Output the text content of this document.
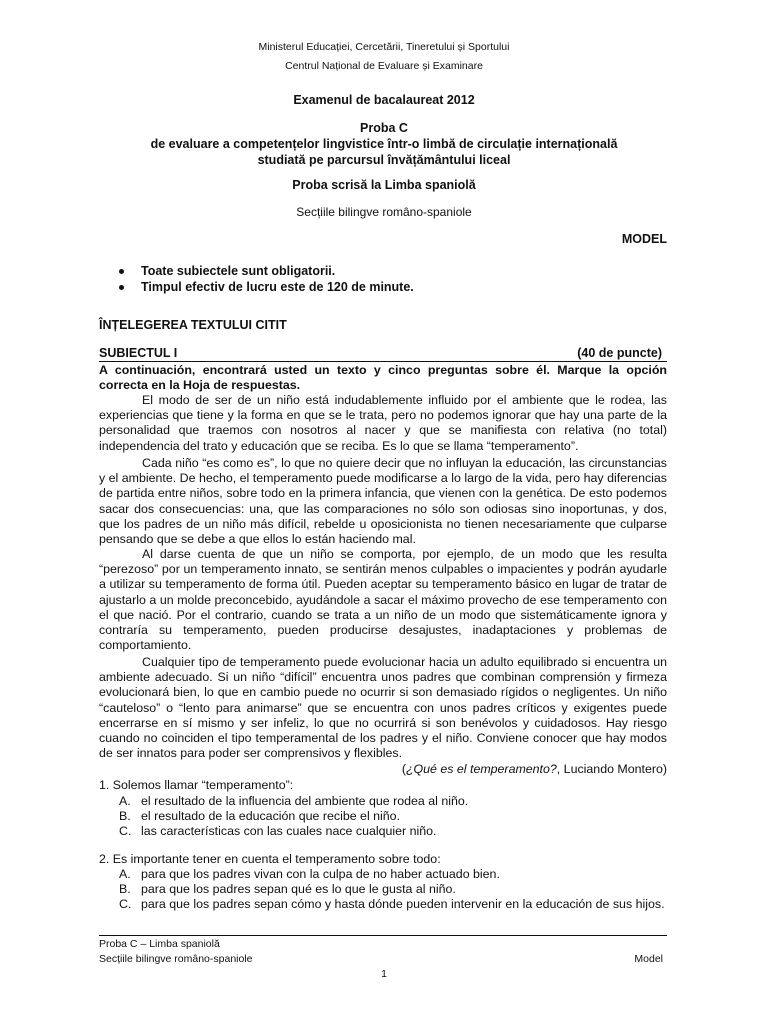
Ministerul Educației, Cercetării, Tineretului și Sportului
Centrul Național de Evaluare și Examinare
Examenul de bacalaureat 2012
Proba C
de evaluare a competențelor lingvistice într-o limbă de circulație internațională
studiată pe parcursul învățământului liceal
Proba scrisă la Limba spaniolă
Secțiile bilingve româno-spaniole
MODEL
Toate subiectele sunt obligatorii.
Timpul efectiv de lucru este de 120 de minute.
ÎNȚELEGEREA TEXTULUI CITIT
SUBIECTUL I	(40 de puncte)
A continuación, encontrará usted un texto y cinco preguntas sobre él. Marque la opción correcta en la Hoja de respuestas.

El modo de ser de un niño está indudablemente influido por el ambiente que le rodea, las experiencias que tiene y la forma en que se le trata, pero no podemos ignorar que hay una parte de la personalidad que traemos con nosotros al nacer y que se manifiesta con relativa (no total) independencia del trato y educación que se reciba. Es lo que se llama “temperamento”.

Cada niño “es como es”, lo que no quiere decir que no influyan la educación, las circunstancias y el ambiente. De hecho, el temperamento puede modificarse a lo largo de la vida, pero hay diferencias de partida entre niños, sobre todo en la primera infancia, que vienen con la genética. De esto podemos sacar dos consecuencias: una, que las comparaciones no sólo son odiosas sino inoportunas, y dos, que los padres de un niño más difícil, rebelde u oposicionista no tienen necesariamente que culparse pensando que se debe a que ellos lo están haciendo mal.

Al darse cuenta de que un niño se comporta, por ejemplo, de un modo que les resulta “perezoso” por un temperamento innato, se sentirán menos culpables o impacientes y podrán ayudarle a utilizar su temperamento de forma útil. Pueden aceptar su temperamento básico en lugar de tratar de ajustarlo a un molde preconcebido, ayudándole a sacar el máximo provecho de ese temperamento con el que nació. Por el contrario, cuando se trata a un niño de un modo que sistemáticamente ignora y contraría su temperamento, pueden producirse desajustes, inadaptaciones y problemas de comportamiento.

Cualquier tipo de temperamento puede evolucionar hacia un adulto equilibrado si encuentra un ambiente adecuado. Si un niño “difícil” encuentra unos padres que combinan comprensión y firmeza evolucionará bien, lo que en cambio puede no ocurrir si son demasiado rígidos o negligentes. Un niño “cauteloso” o “lento para animarse” que se encuentra con unos padres críticos y exigentes puede encerrarse en sí mismo y ser infeliz, lo que no ocurrirá si son benévolos y cuidadosos. Hay riesgo cuando no coinciden el tipo temperamental de los padres y el niño. Conviene conocer que hay modos de ser innatos para poder ser comprensivos y flexibles.

(¿Qué es el temperamento?, Luciando Montero)
1. Solemos llamar “temperamento”:
A. el resultado de la influencia del ambiente que rodea al niño.
B. el resultado de la educación que recibe el niño.
C. las características con las cuales nace cualquier niño.
2. Es importante tener en cuenta el temperamento sobre todo:
A. para que los padres vivan con la culpa de no haber actuado bien.
B. para que los padres sepan qué es lo que le gusta al niño.
C. para que los padres sepan cómo y hasta dónde pueden intervenir en la educación de sus hijos.
Proba C – Limba spaniolă
Secțiile bilingve româno-spaniole	Model
1
